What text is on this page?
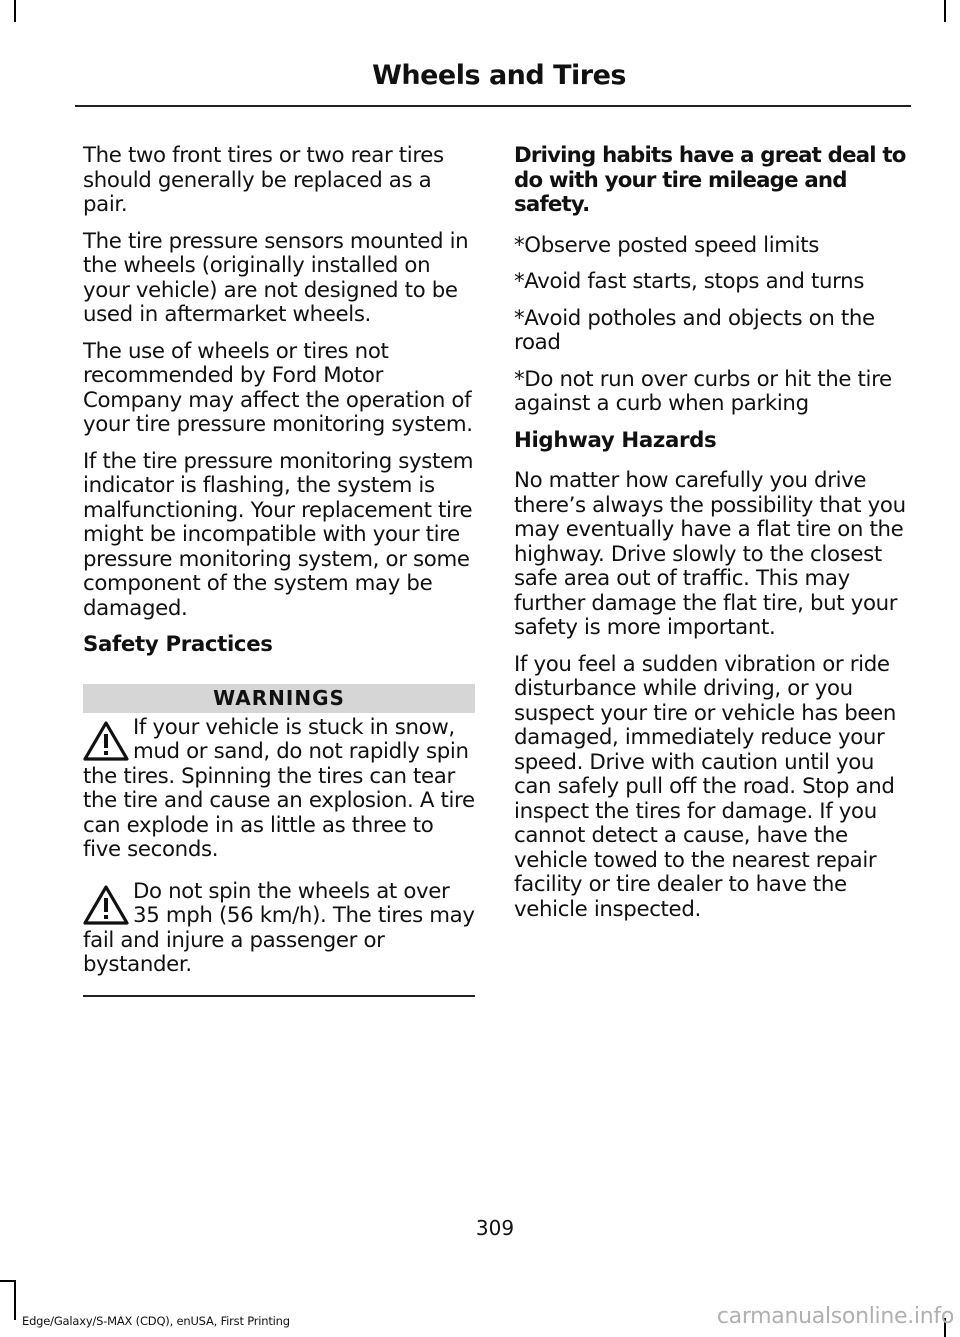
Wheels and Tires

The two front tires or two rear tires should generally be replaced as a pair.

The tire pressure sensors mounted in the wheels (originally installed on your vehicle) are not designed to be used in aftermarket wheels.

The use of wheels or tires not recommended by Ford Motor Company may affect the operation of your tire pressure monitoring system.

If the tire pressure monitoring system indicator is flashing, the system is malfunctioning. Your replacement tire might be incompatible with your tire pressure monitoring system, or some component of the system may be damaged.

Safety Practices
WARNINGS
If your vehicle is stuck in snow, mud or sand, do not rapidly spin the tires. Spinning the tires can tear the tire and cause an explosion. A tire can explode in as little as three to five seconds.
Do not spin the wheels at over 35 mph (56 km/h). The tires may fail and injure a passenger or bystander.
Driving habits have a great deal to do with your tire mileage and safety.

*Observe posted speed limits

*Avoid fast starts, stops and turns

*Avoid potholes and objects on the road

*Do not run over curbs or hit the tire against a curb when parking

Highway Hazards

No matter how carefully you drive there’s always the possibility that you may eventually have a flat tire on the highway. Drive slowly to the closest safe area out of traffic. This may further damage the flat tire, but your safety is more important.

If you feel a sudden vibration or ride disturbance while driving, or you suspect your tire or vehicle has been damaged, immediately reduce your speed. Drive with caution until you can safely pull off the road. Stop and inspect the tires for damage. If you cannot detect a cause, have the vehicle towed to the nearest repair facility or tire dealer to have the vehicle inspected.

309

Edge/Galaxy/S-MAX (CDQ), enUSA, First Printing	carmanualsonline.info
